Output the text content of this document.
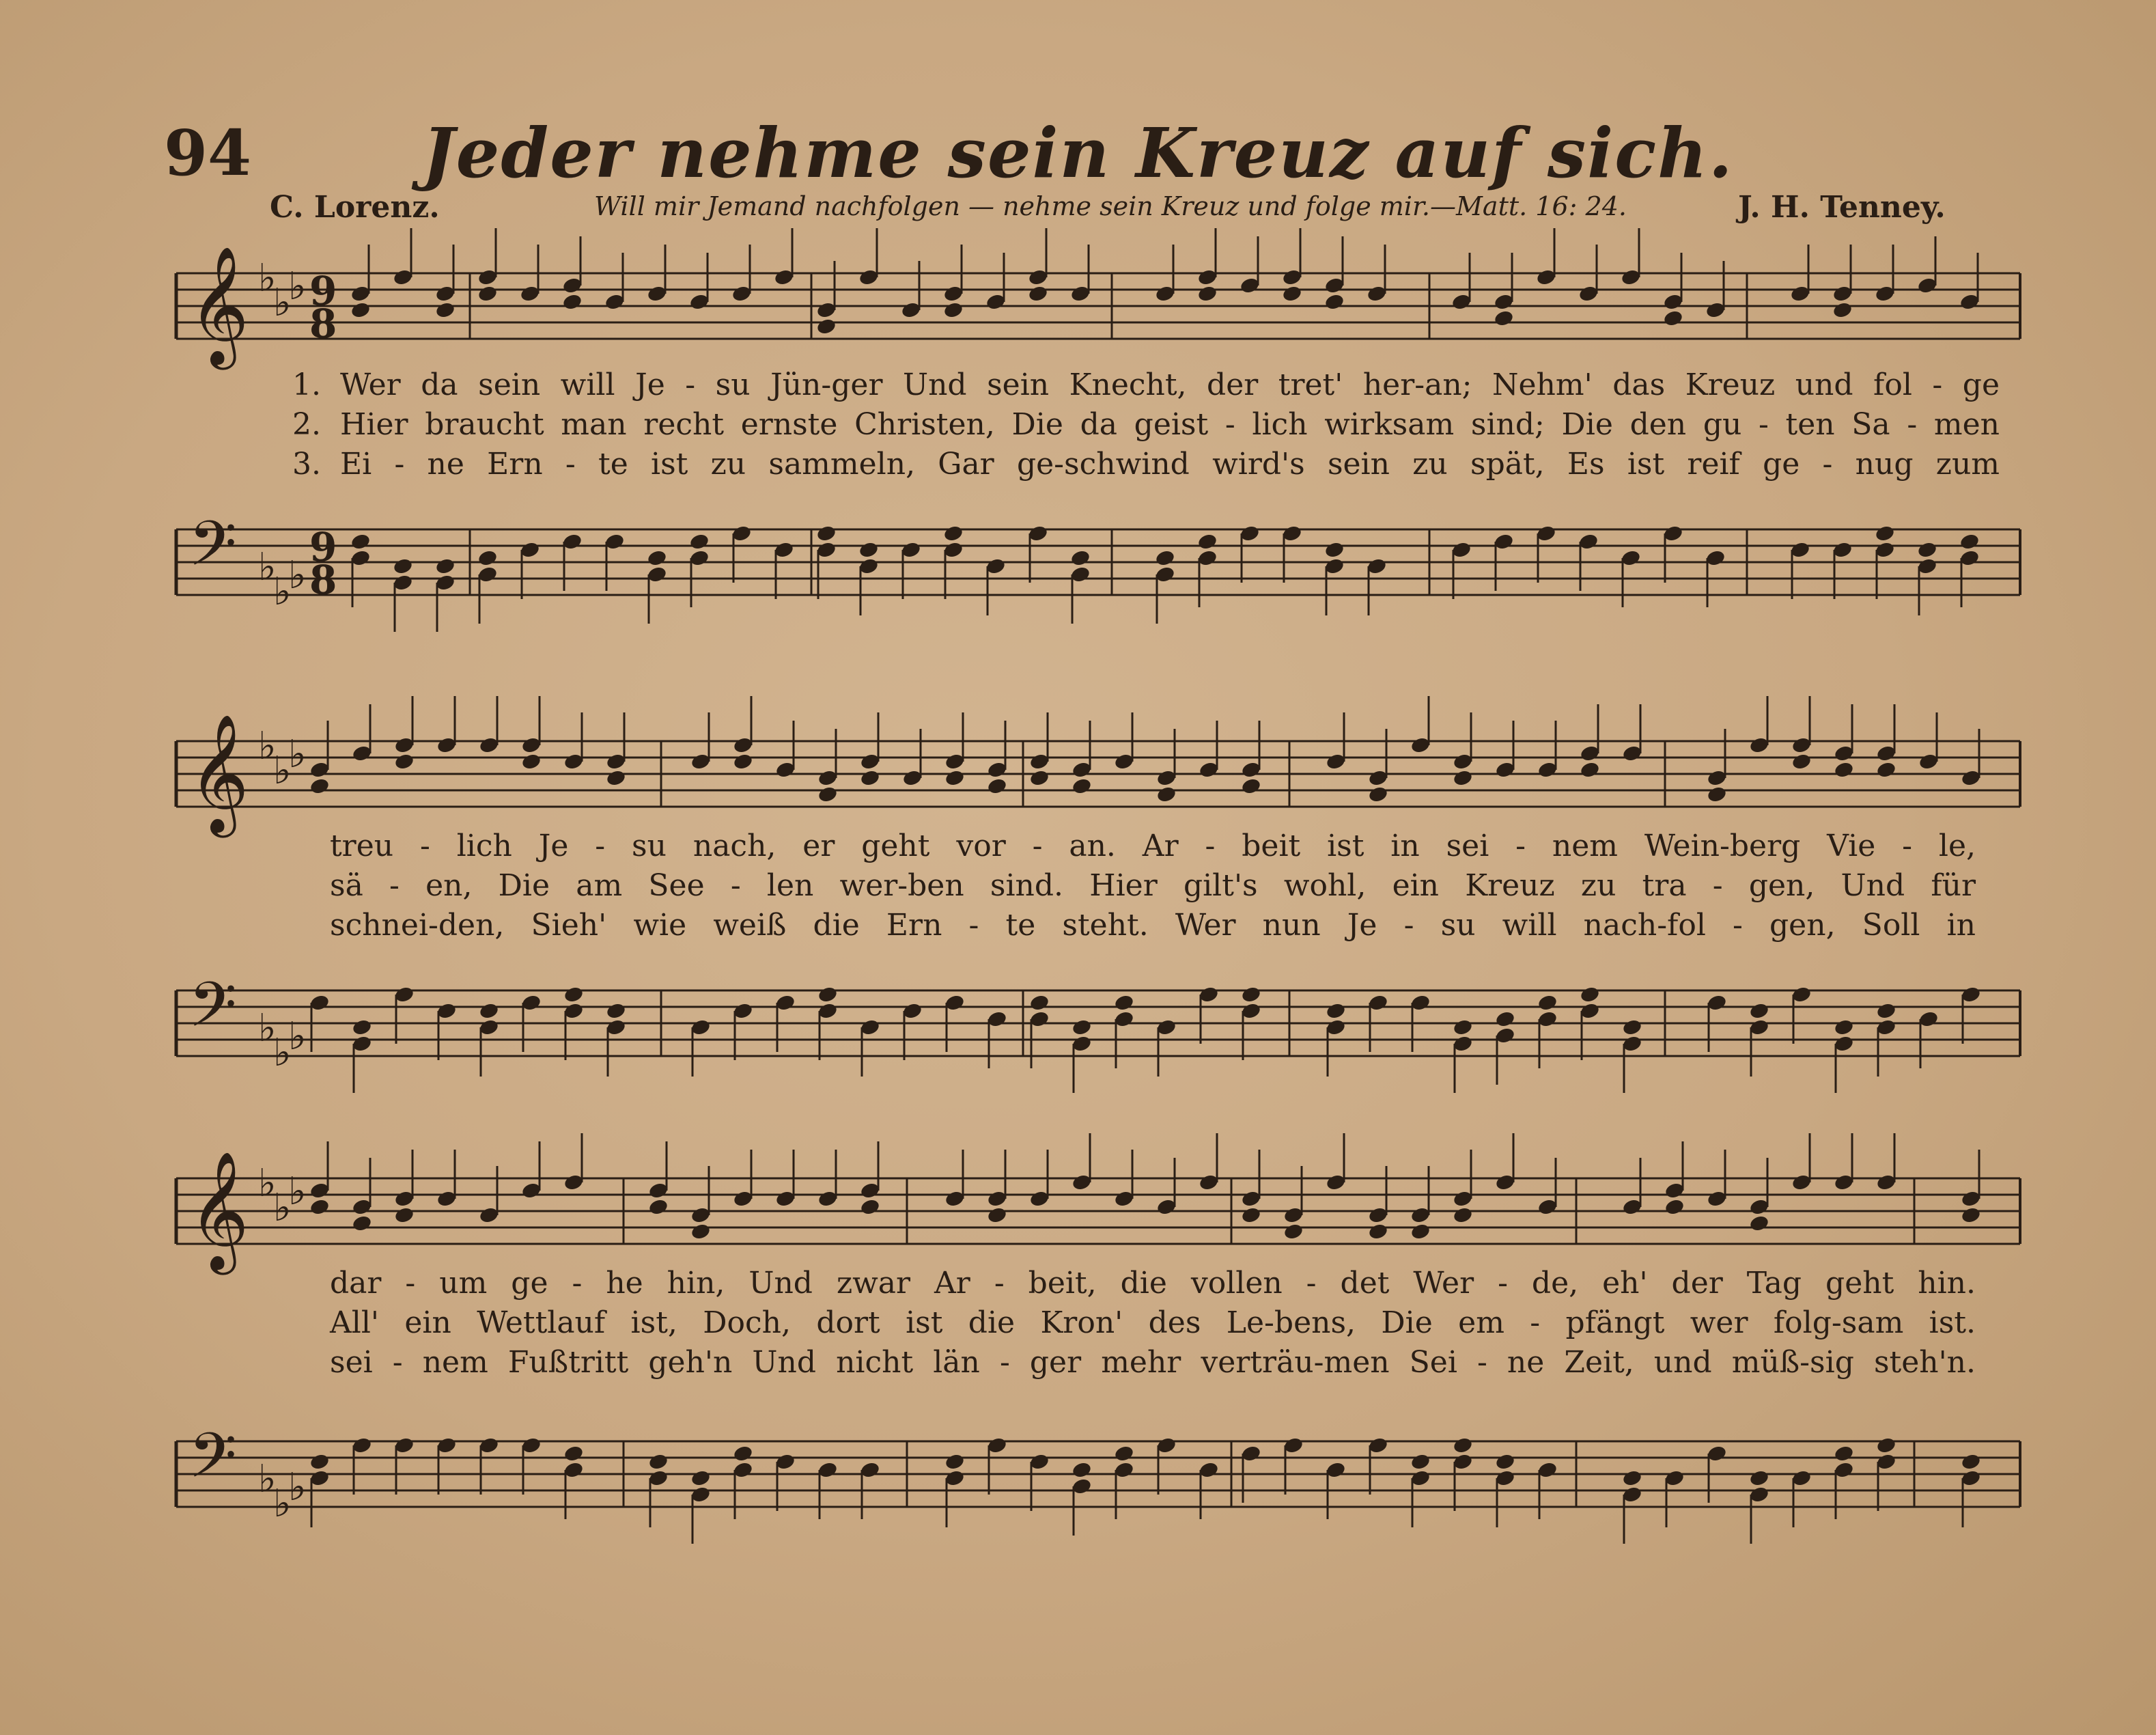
94	Jeder nehme sein Kreuz auf sich.
C. Lorenz.	Will mir Jemand nachfolgen — nehme sein Kreuz und folge mir.—Matt. 16: 24.	J. H. Tenney.
𝄞 ♭
♭
♭ 9
8
𝄢 ♭
♭
♭
9
8
1. Wer da sein will Je - su Jün-ger Und sein Knecht, der tret' her-an; Nehm' das Kreuz und fol - ge
2. Hier braucht man recht ernste Christen, Die da geist - lich wirksam sind; Die den gu - ten Sa - men
3. Ei - ne Ern - te ist zu sammeln, Gar ge-schwind wird's sein zu spät, Es ist reif ge - nug zum
𝄞 ♭
♭
♭
𝄢 ♭
♭
♭
treu - lich Je - su nach, er geht vor - an. Ar - beit ist in sei - nem Wein-berg Vie - le,
sä - en, Die am See - len wer-ben sind. Hier gilt's wohl, ein Kreuz zu tra - gen, Und für
schnei-den, Sieh' wie weiß die Ern - te steht. Wer nun Je - su will nach-fol - gen, Soll in
𝄞 ♭
♭
♭
𝄢 ♭
♭
♭
dar - um ge - he hin, Und zwar Ar - beit, die vollen - det Wer - de, eh' der Tag geht hin.
All' ein Wettlauf ist, Doch, dort ist die Kron' des Le-bens, Die em - pfängt wer folg-sam ist.
sei - nem Fußtritt geh'n Und nicht län - ger mehr verträu-men Sei - ne Zeit, und müß-sig steh'n.
